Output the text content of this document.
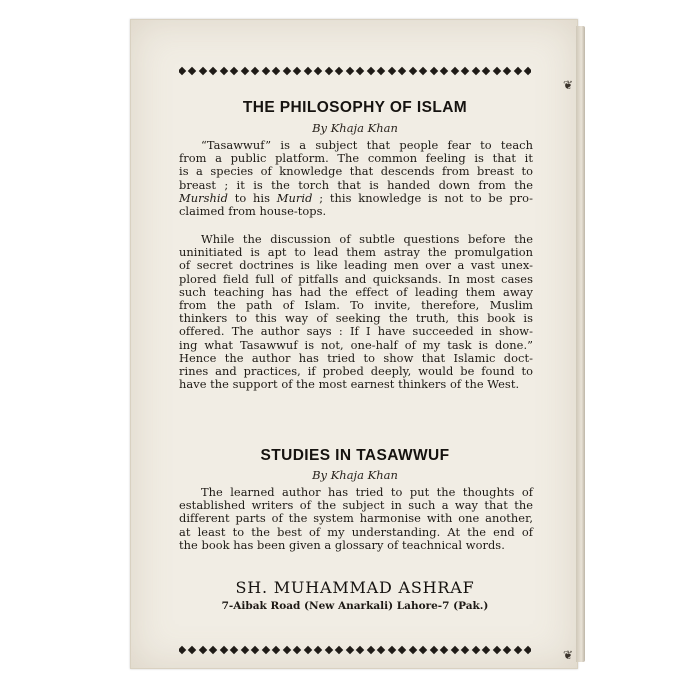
❦
THE PHILOSOPHY OF ISLAM
By Khaja Khan
“Tasawwuf” is a subject that people fear to teach
from a public platform. The common feeling is that it
is a species of knowledge that descends from breast to
breast ; it is the torch that is handed down from the
Murshid to his Murid ; this knowledge is not to be pro-
claimed from house-tops.
While the discussion of subtle questions before the
uninitiated is apt to lead them astray the promulgation
of secret doctrines is like leading men over a vast unex-
plored field full of pitfalls and quicksands. In most cases
such teaching has had the effect of leading them away
from the path of Islam. To invite, therefore, Muslim
thinkers to this way of seeking the truth, this book is
offered. The author says : If I have succeeded in show-
ing what Tasawwuf is not, one-half of my task is done.”
Hence the author has tried to show that Islamic doct-
rines and practices, if probed deeply, would be found to
have the support of the most earnest thinkers of the West.
STUDIES IN TASAWWUF
By Khaja Khan
The learned author has tried to put the thoughts of
established writers of the subject in such a way that the
different parts of the system harmonise with one another,
at least to the best of my understanding. At the end of
the book has been given a glossary of teachnical words.
SH. MUHAMMAD ASHRAF
7-Aibak Road (New Anarkali) Lahore-7 (Pak.)
❦
